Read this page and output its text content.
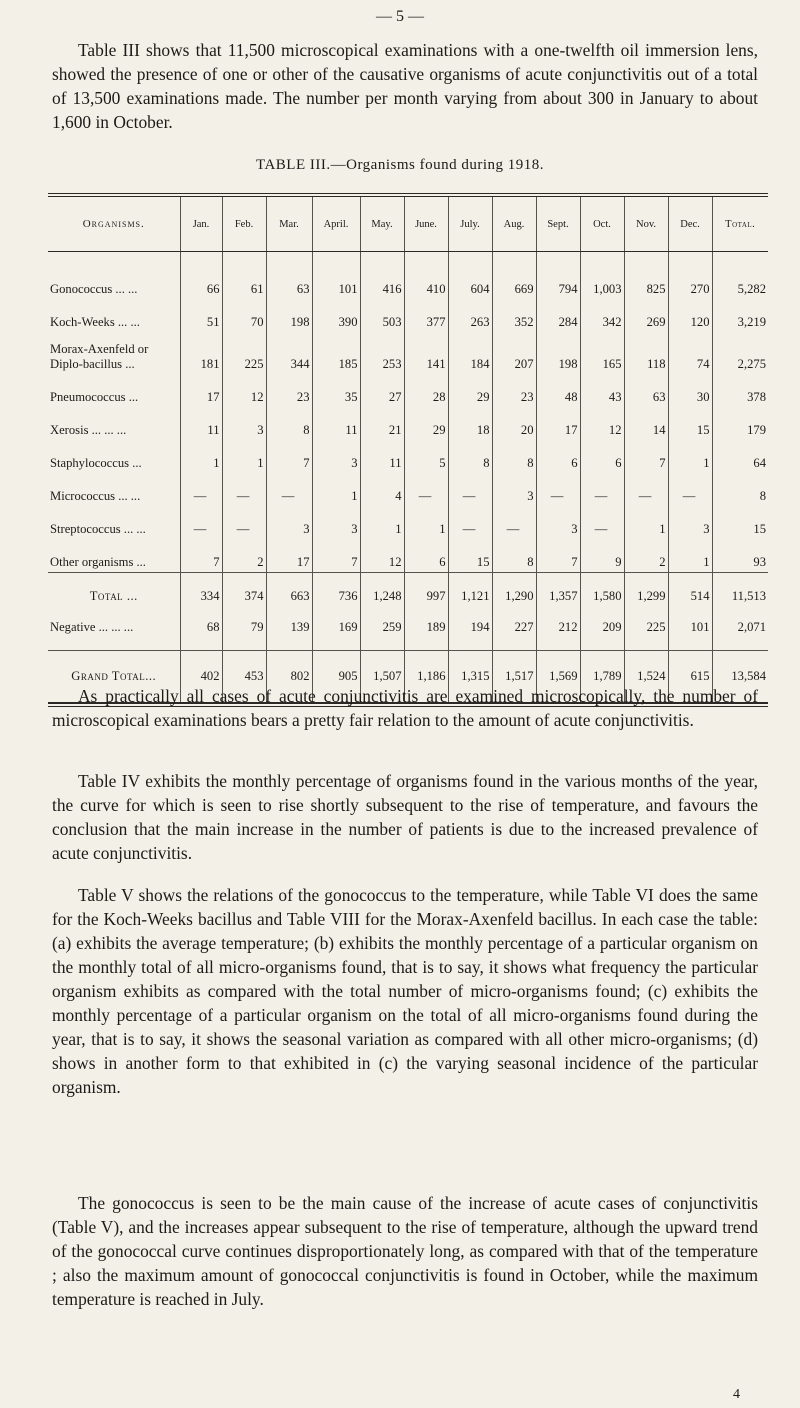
— 5 —

Table III shows that 11,500 microscopical examinations with a one-twelfth oil immersion lens, showed the presence of one or other of the causative organisms of acute conjunctivitis out of a total of 13,500 examinations made. The number per month varying from about 300 in January to about 1,600 in October.

TABLE III.—Organisms found during 1918.
Organisms.	Jan.	Feb.	Mar.	April.	May.	June.	July.	Aug.	Sept.	Oct.	Nov.	Dec.	Total.

Gonococcus ... ...	66	61	63	101	416	410	604	669	794	1,003	825	270	5,282
Koch-Weeks ... ...	51	70	198	390	503	377	263	352	284	342	269	120	3,219
Morax-Axenfeld or Diplo-bacillus ...	181	225	344	185	253	141	184	207	198	165	118	74	2,275
Pneumococcus ...	17	12	23	35	27	28	29	23	48	43	63	30	378
Xerosis ... ... ...	11	3	8	11	21	29	18	20	17	12	14	15	179
Staphylococcus ...	1	1	7	3	11	5	8	8	6	6	7	1	64
Micrococcus ... ...	—	—	—	1	4	—	—	3	—	—	—	—	8
Streptococcus ... ...	—	—	3	3	1	1	—	—	3	—	1	3	15
Other organisms ...	7	2	17	7	12	6	15	8	7	9	2	1	93
Total ...	334	374	663	736	1,248	997	1,121	1,290	1,357	1,580	1,299	514	11,513
Negative ... ... ...	68	79	139	169	259	189	194	227	212	209	225	101	2,071
Grand Total...	402	453	802	905	1,507	1,186	1,315	1,517	1,569	1,789	1,524	615	13,584

As practically all cases of acute conjunctivitis are examined microscopically, the number of microscopical examinations bears a pretty fair relation to the amount of acute conjunctivitis.

Table IV exhibits the monthly percentage of organisms found in the various months of the year, the curve for which is seen to rise shortly subsequent to the rise of temperature, and favours the conclusion that the main increase in the number of patients is due to the increased prevalence of acute conjunctivitis.

Table V shows the relations of the gonococcus to the temperature, while Table VI does the same for the Koch-Weeks bacillus and Table VIII for the Morax-Axenfeld bacillus. In each case the table: (a) exhibits the average temperature; (b) exhibits the monthly percentage of a particular organism on the monthly total of all micro-organisms found, that is to say, it shows what frequency the particular organism exhibits as compared with the total number of micro-organisms found; (c) exhibits the monthly percentage of a particular organism on the total of all micro-organisms found during the year, that is to say, it shows the seasonal variation as compared with all other micro-organisms; (d) shows in another form to that exhibited in (c) the varying seasonal incidence of the particular organism.

The gonococcus is seen to be the main cause of the increase of acute cases of conjunctivitis (Table V), and the increases appear subsequent to the rise of temperature, although the upward trend of the gonococcal curve continues disproportionately long, as compared with that of the temperature ; also the maximum amount of gonococcal conjunctivitis is found in October, while the maximum temperature is reached in July.

4
